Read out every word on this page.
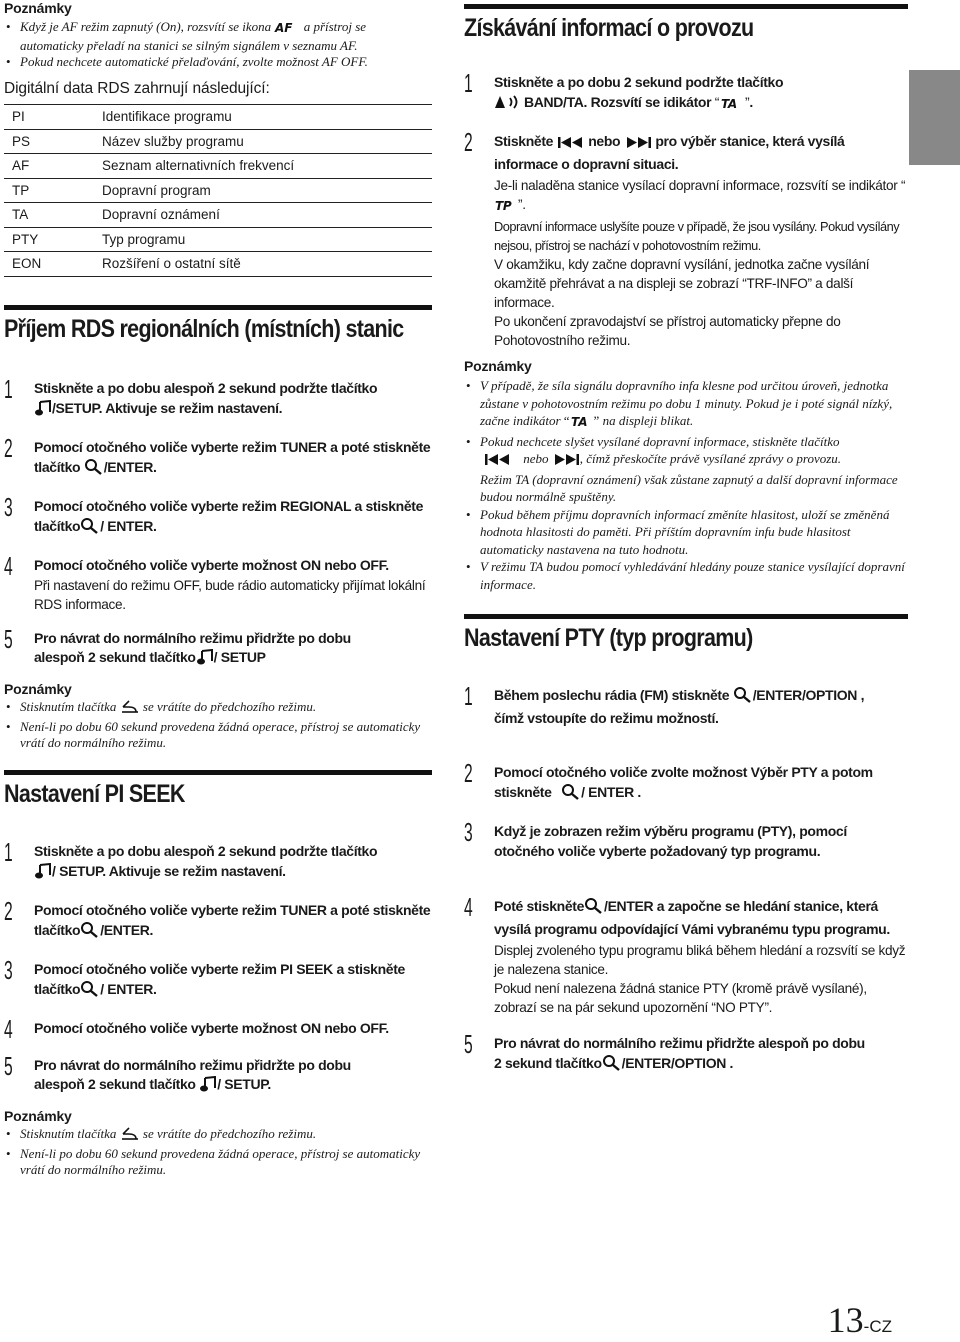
Poznámky
• Když je AF režim zapnutý (On), rozsvítí se ikona AF a přístroj se automaticky přeladí na stanici se silným signálem v seznamu AF.
• Pokud nechcete automatické přelaďování, zvolte možnost AF OFF.
Digitální data RDS zahrnují následující:
PI	Identifikace programu
PS	Název služby programu
AF	Seznam alternativních frekvencí
TP	Dopravní program
TA	Dopravní oznámení
PTY	Typ programu
EON	Rozšíření o ostatní sítě
Příjem RDS regionálních (místních) stanic
1 Stiskněte a po dobu alespoň 2 sekund podržte tlačítko
/SETUP. Aktivuje se režim nastavení.
2 Pomocí otočného voliče vyberte režim TUNER a poté stiskněte
tlačítko /ENTER.
3 Pomocí otočného voliče vyberte režim REGIONAL a stiskněte
tlačítko / ENTER.
4 Pomocí otočného voliče vyberte možnost ON nebo OFF.
Při nastavení do režimu OFF, bude rádio automaticky přijímat lokální RDS informace.
5 Pro návrat do normálního režimu přidržte po dobu
alespoň 2 sekund tlačítko / SETUP
Poznámky
• Stisknutím tlačítka se vrátíte do předchozího režimu.
• Není-li po dobu 60 sekund provedena žádná operace, přístroj se automaticky vrátí do normálního režimu.
Nastavení PI SEEK
1 Stiskněte a po dobu alespoň 2 sekund podržte tlačítko
/ SETUP. Aktivuje se režim nastavení.
2 Pomocí otočného voliče vyberte režim TUNER a poté stiskněte
tlačítko /ENTER.
3 Pomocí otočného voliče vyberte režim PI SEEK a stiskněte
tlačítko / ENTER.
4 Pomocí otočného voliče vyberte možnost ON nebo OFF.
5 Pro návrat do normálního režimu přidržte po dobu
alespoň 2 sekund tlačítko / SETUP.
Poznámky
• Stisknutím tlačítka se vrátíte do předchozího režimu.
• Není-li po dobu 60 sekund provedena žádná operace, přístroj se automaticky vrátí do normálního režimu.
Získávání informací o provozu
1 Stiskněte a po dobu 2 sekund podržte tlačítko
BAND/TA. Rozsvítí se idikátor “ TA ”.
2 Stiskněte	nebo	pro výběr stanice, která vysílá informace o dopravní situaci.
Je-li naladěna stanice vysílací dopravní informace, rozsvítí se indikátor “
TP ”.
Dopravní informace uslyšíte pouze v případě, že jsou vysílány. Pokud vysílány nejsou, přístroj se nachází v pohotovostním režimu.
V okamžiku, kdy začne dopravní vysílání, jednotka začne vysílání okamžitě přehrávat a na displeji se zobrazí “TRF-INFO” a další informace.
Po ukončení zpravodajství se přístroj automaticky přepne do Pohotovostního režimu.
Poznámky
• V případě, že síla signálu dopravního infa klesne pod určitou úroveň, jednotka zůstane v pohotovostním režimu po dobu 1 minuty. Pokud je i poté signál nízký, začne indikátor “ TA ” na displeji blikat.
• Pokud nechcete slyšet vysílané dopravní informace, stiskněte tlačítko
nebo , čímž přeskočíte právě vysílané zprávy o provozu.
Režim TA (dopravní oznámení) však zůstane zapnutý a další dopravní informace budou normálně spuštěny.
• Pokud během příjmu dopravních informací změníte hlasitost, uloží se změněná hodnota hlasitosti do paměti. Při příštím dopravním infu bude hlasitost automaticky nastavena na tuto hodnotu.
• V režimu TA budou pomocí vyhledávání hledány pouze stanice vysílající dopravní informace.
Nastavení PTY (typ programu)
1 Během poslechu rádia (FM) stiskněte /ENTER/OPTION ,
čímž vstoupíte do režimu možností.
2 Pomocí otočného voliče zvolte možnost Výběr PTY a potom
stiskněte / ENTER .
3 Když je zobrazen režim výběru programu (PTY), pomocí otočného voliče vyberte požadovaný typ programu.
4 Poté stiskněte /ENTER a započne se hledání stanice, která vysílá programu odpovídající Vámi vybranému typu programu.
Displej zvoleného typu programu bliká během hledání a rozsvítí se když je nalezena stanice.
Pokud není nalezena žádná stanice PTY (kromě právě vysílané), zobrazí se na pár sekund upozornění “NO PTY”.
5 Pro návrat do normálního režimu přidržte alespoň po dobu
2 sekund tlačítko /ENTER/OPTION .
13-CZ
